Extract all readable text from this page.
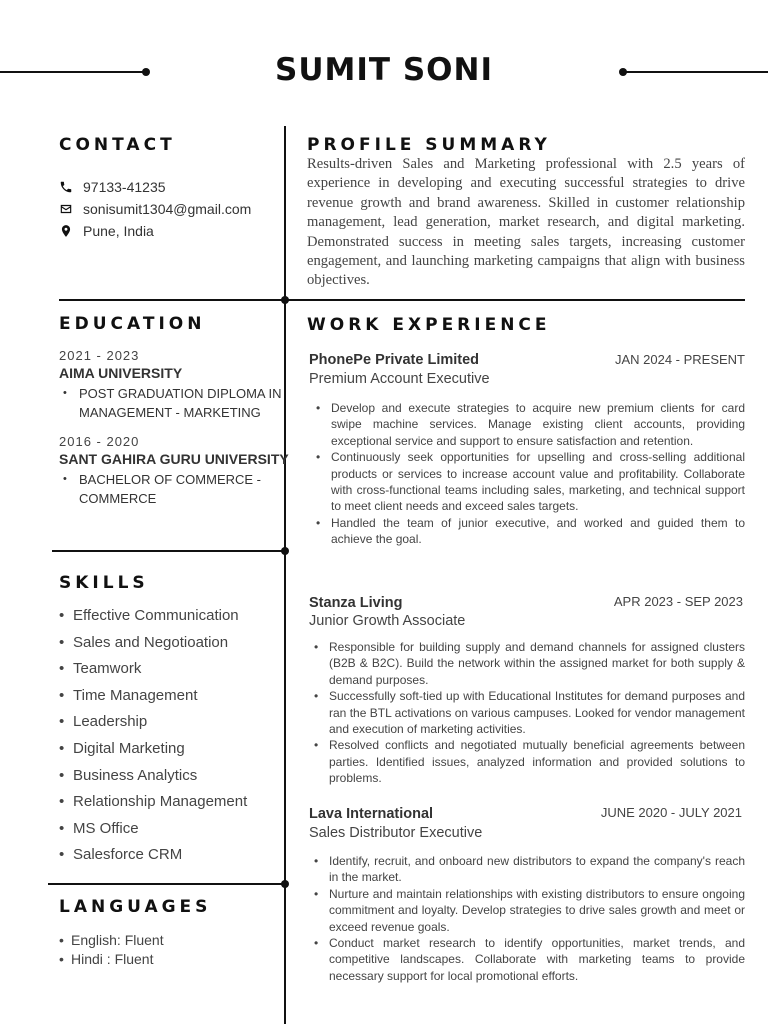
SUMIT SONI
CONTACT
97133-41235
sonisumit1304@gmail.com
Pune, India
PROFILE SUMMARY
Results-driven Sales and Marketing professional with 2.5 years of experience in developing and executing successful strategies to drive revenue growth and brand awareness. Skilled in customer relationship management, lead generation, market research, and digital marketing. Demonstrated success in meeting sales targets, increasing customer engagement, and launching marketing campaigns that align with business objectives.
EDUCATION
2021 - 2023
AIMA UNIVERSITY
• POST GRADUATION DIPLOMA IN MANAGEMENT - MARKETING
2016 - 2020
SANT GAHIRA GURU UNIVERSITY
• BACHELOR OF COMMERCE - COMMERCE
SKILLS
• Effective Communication
• Sales and Negotioation
• Teamwork
• Time Management
• Leadership
• Digital Marketing
• Business Analytics
• Relationship Management
• MS Office
• Salesforce CRM
LANGUAGES
• English: Fluent
• Hindi : Fluent
WORK EXPERIENCE
PhonePe Private Limited	JAN 2024 - PRESENT
Premium Account Executive
• Develop and execute strategies to acquire new premium clients for card swipe machine services. Manage existing client accounts, providing exceptional service and support to ensure satisfaction and retention.
• Continuously seek opportunities for upselling and cross-selling additional products or services to increase account value and profitability. Collaborate with cross-functional teams including sales, marketing, and technical support to meet client needs and exceed sales targets.
• Handled the team of junior executive, and worked and guided them to achieve the goal.
Stanza Living	APR 2023 - SEP 2023
Junior Growth Associate
• Responsible for building supply and demand channels for assigned clusters (B2B & B2C). Build the network within the assigned market for both supply & demand purposes.
• Successfully soft-tied up with Educational Institutes for demand purposes and ran the BTL activations on various campuses. Looked for vendor management and execution of marketing activities.
• Resolved conflicts and negotiated mutually beneficial agreements between parties. Identified issues, analyzed information and provided solutions to problems.
Lava International	JUNE 2020 - JULY 2021
Sales Distributor Executive
• Identify, recruit, and onboard new distributors to expand the company's reach in the market.
• Nurture and maintain relationships with existing distributors to ensure ongoing commitment and loyalty. Develop strategies to drive sales growth and meet or exceed revenue goals.
• Conduct market research to identify opportunities, market trends, and competitive landscapes. Collaborate with marketing teams to provide necessary support for local promotional efforts.
